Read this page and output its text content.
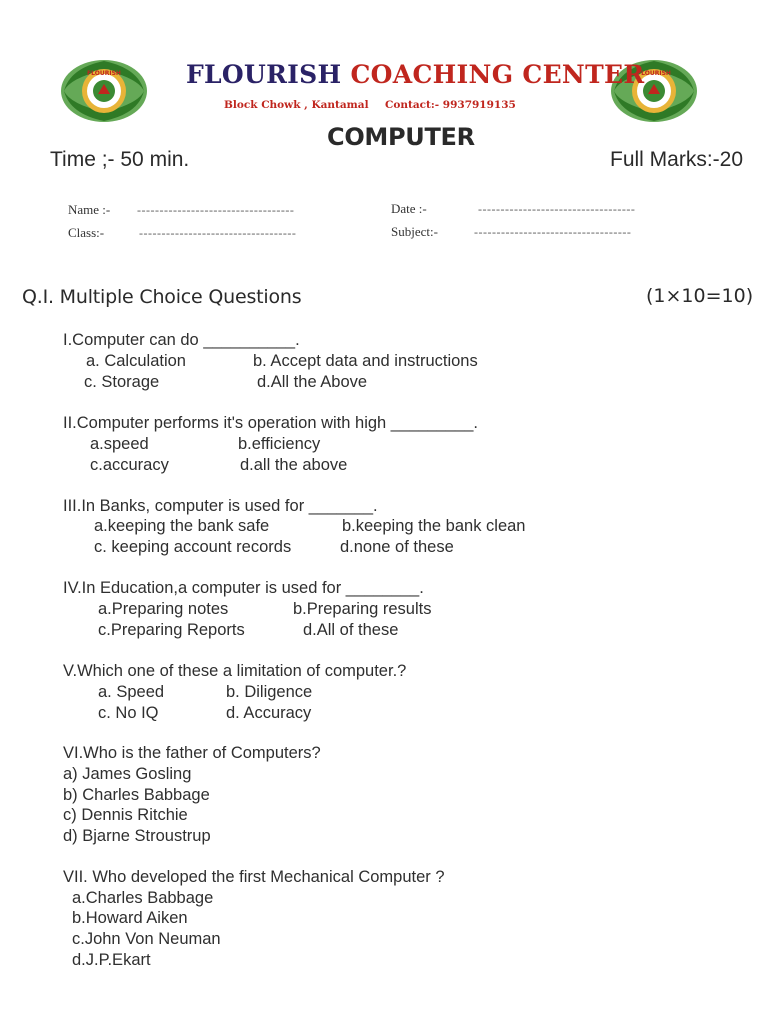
FLOURISH	FLOURISH
FLOURISH COACHING CENTER
Block Chowk , Kantamal Contact:- 9937919135
COMPUTER
Time ;- 50 min.	Full Marks:-20
Name :- -----------------------------------	Date :-	-----------------------------------
Class:-	-----------------------------------	Subject:-	-----------------------------------
Q.I. Multiple Choice Questions	(1×10=10)
I.Computer can do __________.
a. Calculation	b. Accept data and instructions
c. Storage	d.All the Above
II.Computer performs it's operation with high _________.
a.speed	b.efficiency
c.accuracy	d.all the above
III.In Banks, computer is used for _______.
a.keeping the bank safe	b.keeping the bank clean
c. keeping account records	d.none of these
IV.In Education,a computer is used for ________.
a.Preparing notes	b.Preparing results
c.Preparing Reports	d.All of these
V.Which one of these a limitation of computer.?
a. Speed	b. Diligence
c. No IQ	d. Accuracy
VI.Who is the father of Computers?
a) James Gosling
b) Charles Babbage
c) Dennis Ritchie
d) Bjarne Stroustrup
VII. Who developed the first Mechanical Computer ?
a.Charles Babbage
b.Howard Aiken
c.John Von Neuman
d.J.P.Ekart
